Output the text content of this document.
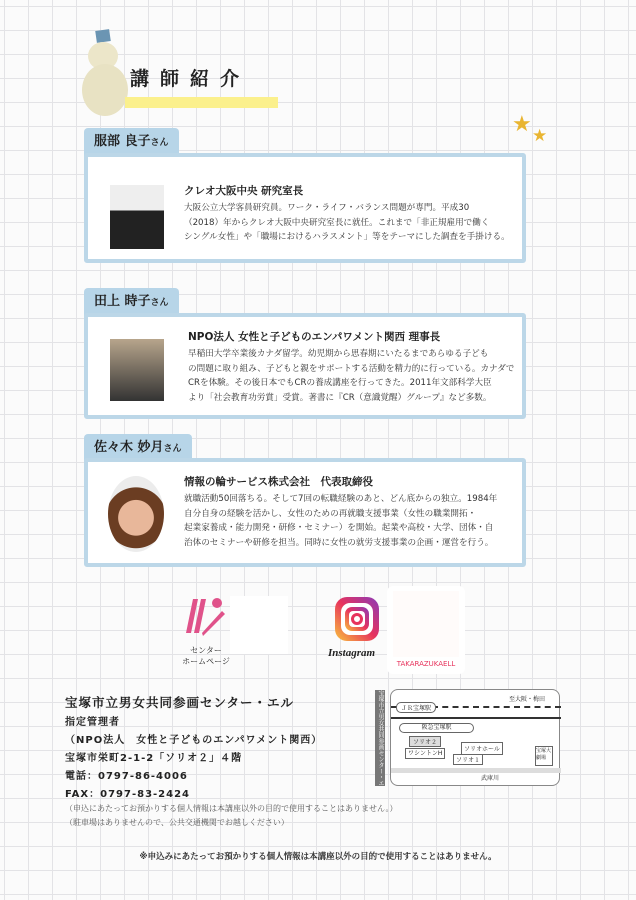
講師紹介
★ ★
服部 良子さん
クレオ大阪中央 研究室長
大阪公立大学客員研究員。ワーク・ライフ・バランス問題が専門。平成30
（2018）年からクレオ大阪中央研究室長に就任。これまで「非正規雇用で働く
シングル女性」や「職場におけるハラスメント」等をテーマにした調査を手掛ける。
田上 時子さん
NPO法人 女性と子どものエンパワメント関西 理事長
早稲田大学卒業後カナダ留学。幼児期から思春期にいたるまであらゆる子ども
の問題に取り組み、子どもと親をサポートする活動を精力的に行っている。カナダで
CRを体験。その後日本でもCRの養成講座を行ってきた。2011年文部科学大臣
より「社会教育功労賞」受賞。著書に『CR（意識覚醒）グループ』など多数。
佐々木 妙月さん
情報の輪サービス株式会社　代表取締役
就職活動50回落ちる。そして7回の転職経験のあと、どん底からの独立。1984年
自分自身の経験を活かし、女性のための再就職支援事業（女性の職業開拓・
起業家養成・能力開発・研修・セミナー）を開始。起業や高校・大学、団体・自
治体のセミナーや研修を担当。同時に女性の就労支援事業の企画・運営を行う。
センター
ホームページ	TAKARAZUKAELL
Instagram
宝塚市立男女共同参画センター・エル
指定管理者
（NPO法人　女性と子どものエンパワメント関西）
宝塚市栄町2-1-2「ソリオ２」４階
電話：0797-86-4006
FAX：0797-83-2424
（申込にあたってお預かりする個人情報は本講座以外の目的で使用することはありません。）
（駐車場はありませんので、公共交通機関でお越しください）
宝塚市立男女共同参画センター・エル
ＪＲ宝塚駅
至大阪・梅田
阪急宝塚駅
ソリオ２
ソリオホール
ソリオ１
ワシントンH
武庫川
宝塚大劇場
※申込みにあたってお預かりする個人情報は本講座以外の目的で使用することはありません。
